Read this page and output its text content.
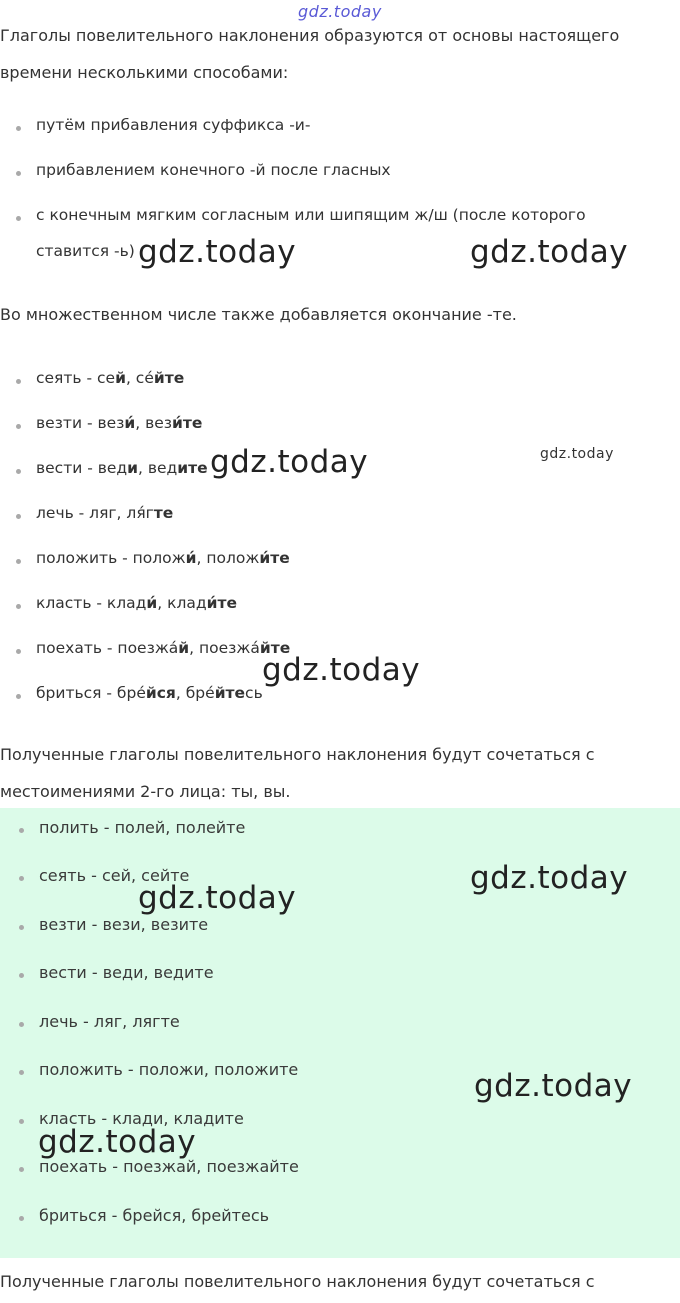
gdz.today
Глаголы повелительного наклонения образуются от основы настоящего
времени несколькими способами:
путём прибавления суффикса -и-
прибавлением конечного -й после гласных
с конечным мягким согласным или шипящим ж/ш (после которого
ставится -ь)
Во множественном числе также добавляется окончание -те.
сеять - сей, се́йте
везти - вези́, вези́те
вести - веди, ведите
лечь - ляг, ля́гте
положить - положи́, положи́те
класть - клади́, клади́те
поехать - поезжа́й, поезжа́йте
бриться - бре́йся, бре́йтесь
Полученные глаголы повелительного наклонения будут сочетаться с
местоимениями 2-го лица: ты, вы.
полить - полей, полейте
сеять - сей, сейте
везти - вези, везите
вести - веди, ведите
лечь - ляг, лягте
положить - положи, положите
класть - клади, кладите
поехать - поезжай, поезжайте
бриться - брейся, брейтесь
Полученные глаголы повелительного наклонения будут сочетаться с
gdz.today	gdz.today
gdz.today	gdz.today
gdz.today
gdz.today
gdz.today
gdz.today
gdz.today
